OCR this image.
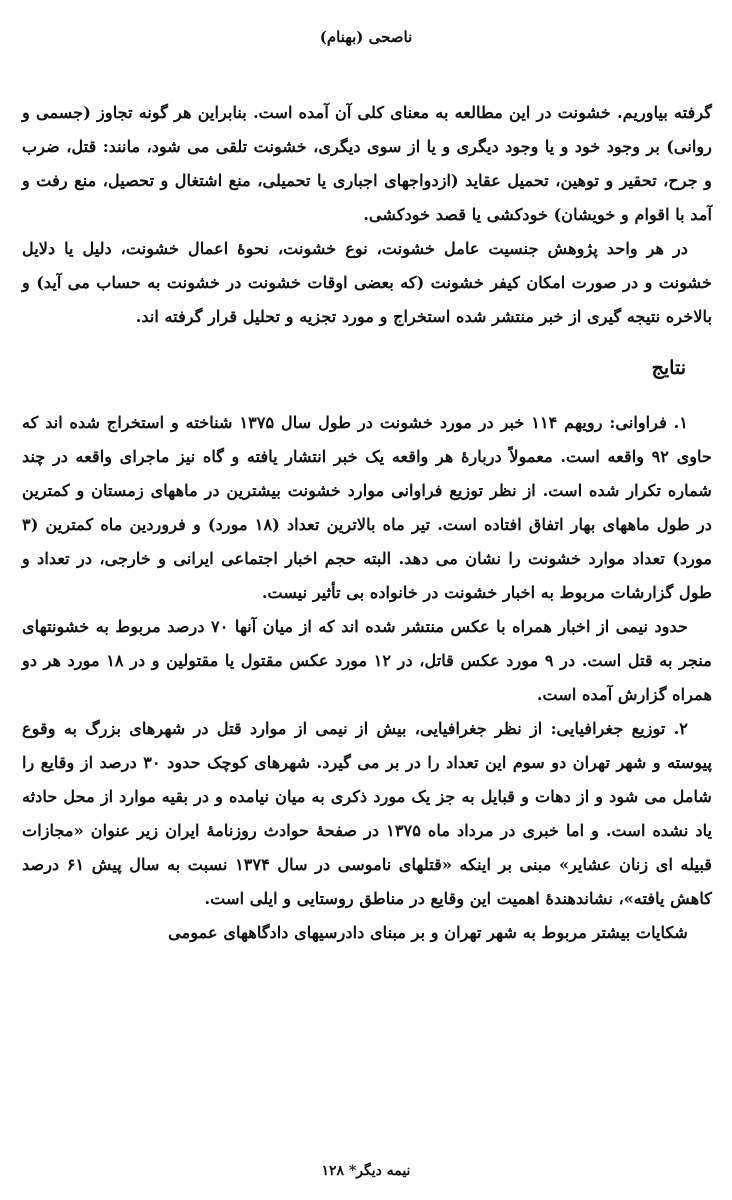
ناصحی (بهنام)

گرفته بیاوریم. خشونت در این مطالعه به معنای کلی آن آمده است. بنابراین هر گونه تجاوز (جسمی و روانی) بر وجود خود و یا وجود دیگری و یا از سوی دیگری، خشونت تلقی می شود، مانند: قتل، ضرب و جرح، تحقیر و توهین، تحمیل عقاید (ازدواجهای اجباری یا تحمیلی، منع اشتغال و تحصیل، منع رفت و آمد با اقوام و خویشان) خودکشی یا قصد خودکشی.

در هر واحد پژوهش جنسیت عامل خشونت، نوع خشونت، نحوهٔ اعمال خشونت، دلیل یا دلایل خشونت و در صورت امکان کیفر خشونت (که بعضی اوقات خشونت در خشونت به حساب می آید) و بالاخره نتیجه گیری از خبر منتشر شده استخراج و مورد تجزیه و تحلیل قرار گرفته اند.

نتایج

۱. فراوانی: رویهم ۱۱۴ خبر در مورد خشونت در طول سال ۱۳۷۵ شناخته و استخراج شده اند که حاوی ۹۲ واقعه است. معمولاً دربارهٔ هر واقعه یک خبر انتشار یافته و گاه نیز ماجرای واقعه در چند شماره تکرار شده است. از نظر توزیع فراوانی موارد خشونت بیشترین در ماههای زمستان و کمترین در طول ماههای بهار اتفاق افتاده است. تیر ماه بالاترین تعداد (۱۸ مورد) و فروردین ماه کمترین (۳ مورد) تعداد موارد خشونت را نشان می دهد. البته حجم اخبار اجتماعی ایرانی و خارجی، در تعداد و طول گزارشات مربوط به اخبار خشونت در خانواده بی تأثیر نیست.

حدود نیمی از اخبار همراه با عکس منتشر شده اند که از میان آنها ۷۰ درصد مربوط به خشونتهای منجر به قتل است. در ۹ مورد عکس قاتل، در ۱۲ مورد عکس مقتول یا مقتولین و در ۱۸ مورد هر دو همراه گزارش آمده است.

۲. توزیع جغرافیایی: از نظر جغرافیایی، بیش از نیمی از موارد قتل در شهرهای بزرگ به وقوع پیوسته و شهر تهران دو سوم این تعداد را در بر می گیرد. شهرهای کوچک حدود ۳۰ درصد از وقایع را شامل می شود و از دهات و قبایل به جز یک مورد ذکری به میان نیامده و در بقیه موارد از محل حادثه یاد نشده است. و اما خبری در مرداد ماه ۱۳۷۵ در صفحهٔ حوادث روزنامهٔ ایران زیر عنوان «مجازات قبیله ای زنان عشایر» مبنی بر اینکه «قتلهای ناموسی در سال ۱۳۷۴ نسبت به سال پیش ۶۱ درصد کاهش یافته»، نشاندهندهٔ اهمیت این وقایع در مناطق روستایی و ایلی است.

شکایات بیشتر مربوط به شهر تهران و بر مبنای دادرسیهای دادگاههای عمومی

نیمه دیگر* ۱۲۸
